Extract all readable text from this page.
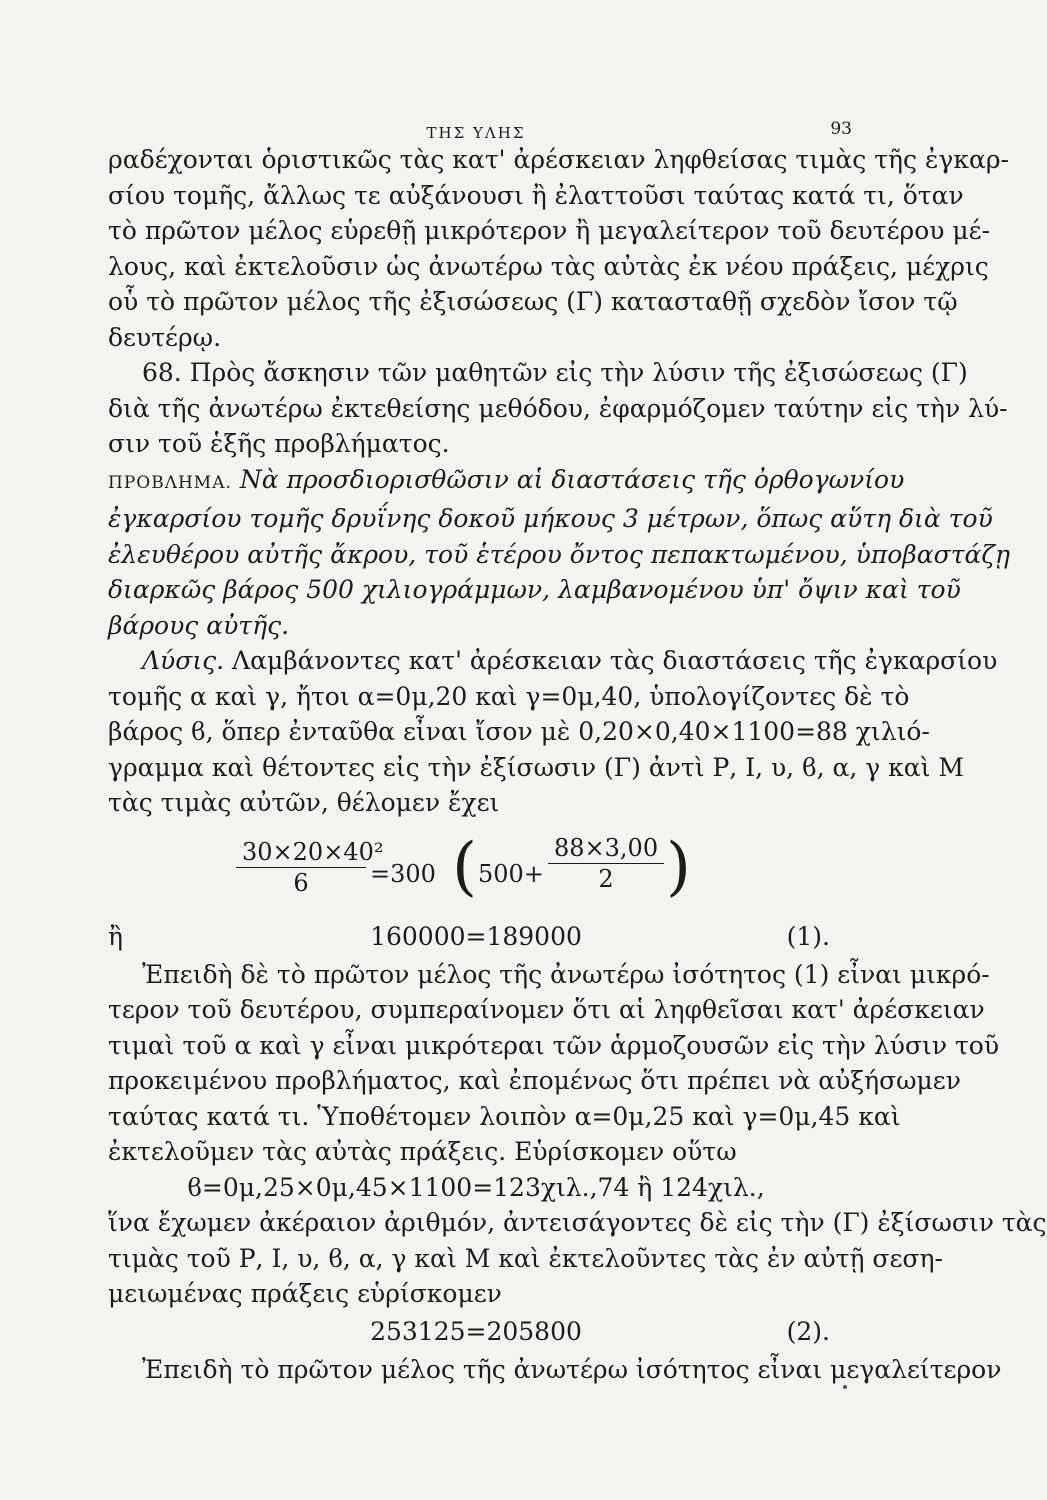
ΤΗΣ ΥΛΗΣ	93
ραδέχονται ὁριστικῶς τὰς κατ' ἀρέσκειαν ληφθείσας τιμὰς τῆς ἐγκαρ-
σίου τομῆς, ἄλλως τε αὐξάνουσι ἢ ἐλαττοῦσι ταύτας κατά τι, ὅταν
τὸ πρῶτον μέλος εὑρεθῇ μικρότερον ἢ μεγαλείτερον τοῦ δευτέρου μέ-
λους, καὶ ἐκτελοῦσιν ὡς ἀνωτέρω τὰς αὐτὰς ἐκ νέου πράξεις, μέχρις
οὗ τὸ πρῶτον μέλος τῆς ἐξισώσεως (Γ) κατασταθῇ σχεδὸν ἴσον τῷ
δευτέρῳ.
68. Πρὸς ἄσκησιν τῶν μαθητῶν εἰς τὴν λύσιν τῆς ἐξισώσεως (Γ)
διὰ τῆς ἀνωτέρω ἐκτεθείσης μεθόδου, ἐφαρμόζομεν ταύτην εἰς τὴν λύ-
σιν τοῦ ἑξῆς προβλήματος.
ΠΡΟΒΛΗΜΑ. Νὰ προσδιορισθῶσιν αἱ διαστάσεις τῆς ὀρθογωνίου
ἐγκαρσίου τομῆς δρυΐνης δοκοῦ μήκους 3 μέτρων, ὅπως αὕτη διὰ τοῦ
ἐλευθέρου αὐτῆς ἄκρου, τοῦ ἑτέρου ὄντος πεπακτωμένου, ὑποβαστάζῃ
διαρκῶς βάρος 500 χιλιογράμμων, λαμβανομένου ὑπ' ὄψιν καὶ τοῦ
βάρους αὐτῆς.
Λύσις. Λαμβάνοντες κατ' ἀρέσκειαν τὰς διαστάσεις τῆς ἐγκαρσίου
τομῆς α καὶ γ, ἤτοι α=0μ,20 καὶ γ=0μ,40, ὑπολογίζοντες δὲ τὸ
βάρος ϐ, ὅπερ ἐνταῦθα εἶναι ἴσον μὲ 0,20×0,40×1100=88 χιλιό-
γραμμα καὶ θέτοντες εἰς τὴν ἐξίσωσιν (Γ) ἀντὶ Ρ, Ι, υ, ϐ, α, γ καὶ Μ
τὰς τιμὰς αὐτῶν, θέλομεν ἔχει
$\frac{\text{30×20×40²}}{6} =300$ ( $500+ \frac{88\times 3,00}{2}$ )
ἢ	160000=189000	(1).
Ἐπειδὴ δὲ τὸ πρῶτον μέλος τῆς ἀνωτέρω ἰσότητος (1) εἶναι μικρό-
τερον τοῦ δευτέρου, συμπεραίνομεν ὅτι αἱ ληφθεῖσαι κατ' ἀρέσκειαν
τιμαὶ τοῦ α καὶ γ εἶναι μικρότεραι τῶν ἁρμοζουσῶν εἰς τὴν λύσιν τοῦ
προκειμένου προβλήματος, καὶ ἐπομένως ὅτι πρέπει νὰ αὐξήσωμεν
ταύτας κατά τι. Ὑποθέτομεν λοιπὸν α=0μ,25 καὶ γ=0μ,45 καὶ
ἐκτελοῦμεν τὰς αὐτὰς πράξεις. Εὑρίσκομεν οὕτω
ϐ=0μ,25×0μ,45×1100=123χιλ.,74 ἢ 124χιλ.,
ἵνα ἔχωμεν ἀκέραιον ἀριθμόν, ἀντεισάγοντες δὲ εἰς τὴν (Γ) ἐξίσωσιν τὰς
τιμὰς τοῦ Ρ, Ι, υ, ϐ, α, γ καὶ Μ καὶ ἐκτελοῦντες τὰς ἐν αὐτῇ σεση-
μειωμένας πράξεις εὑρίσκομεν
253125=205800	(2).
Ἐπειδὴ τὸ πρῶτον μέλος τῆς ἀνωτέρω ἰσότητος εἶναι μεγαλείτερον
